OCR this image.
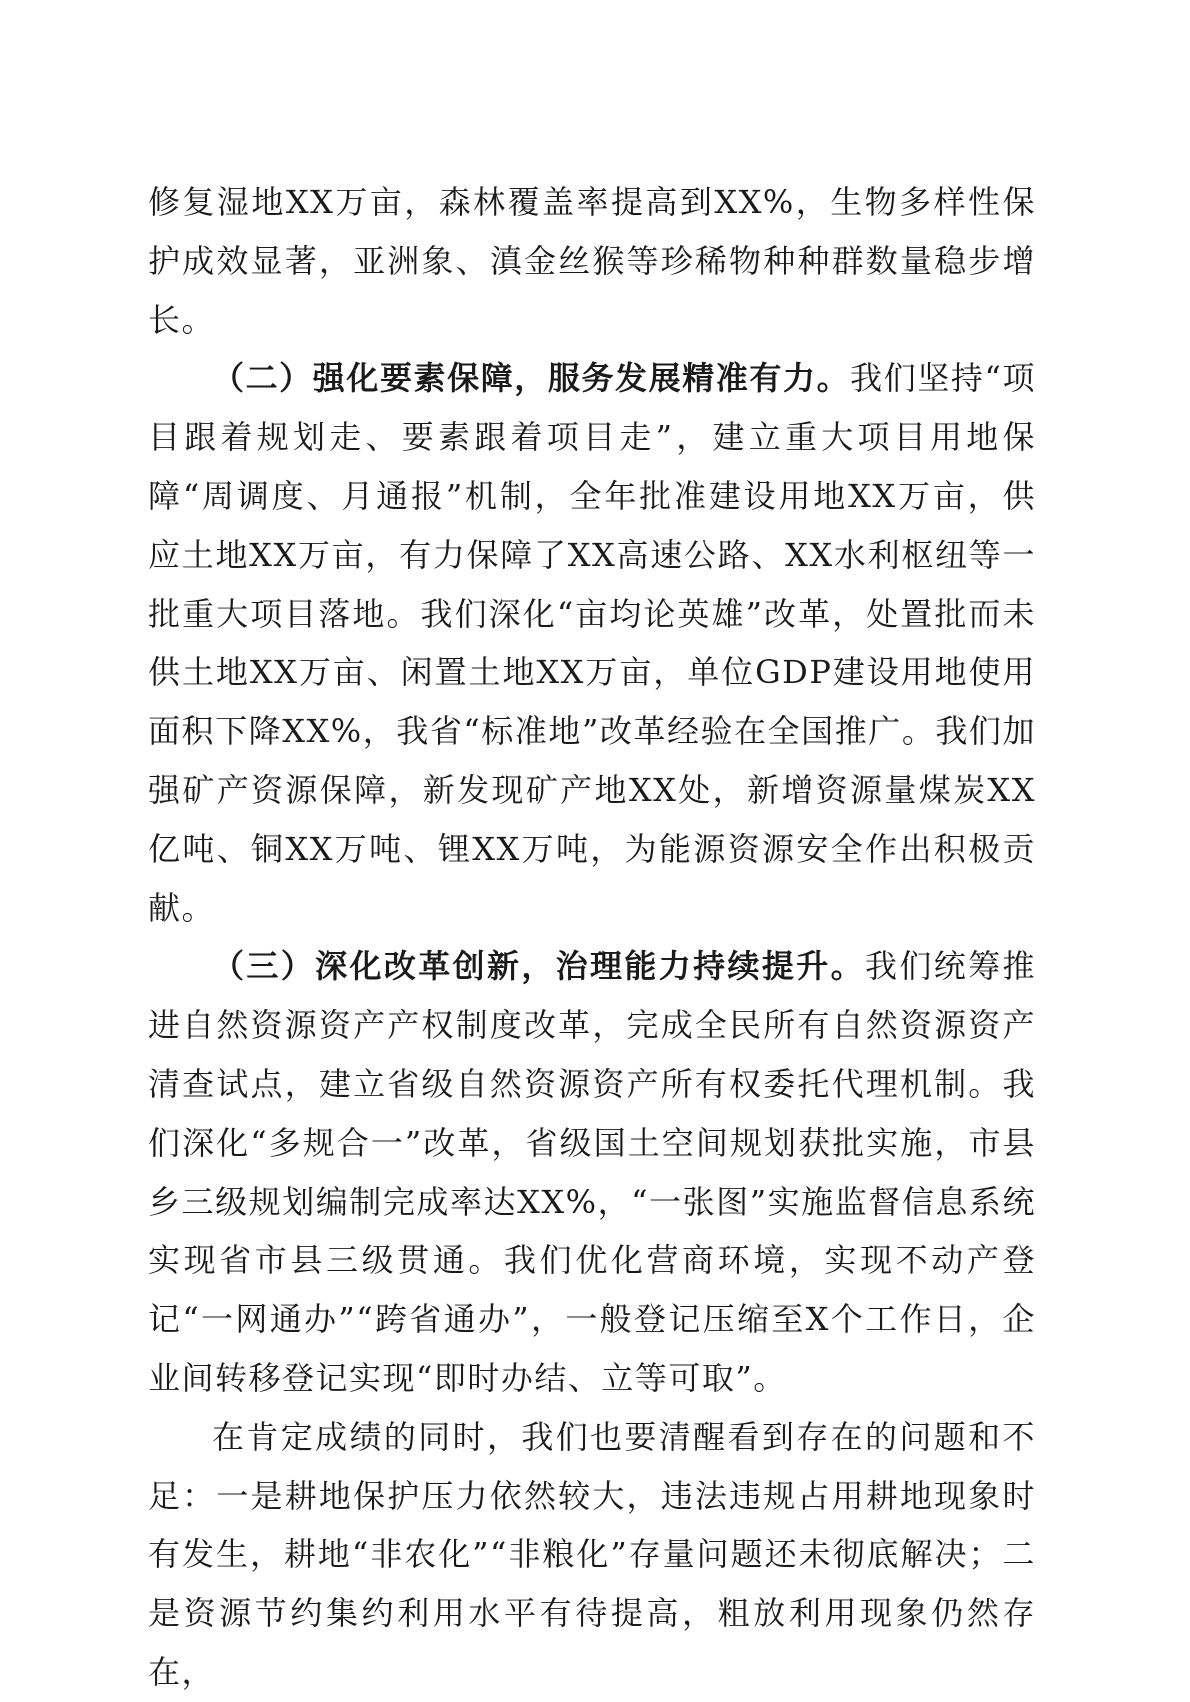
修复湿地XX万亩，森林覆盖率提高到XX%，生物多样性保护成效显著，亚洲象、滇金丝猴等珍稀物种种群数量稳步增长。

（二）强化要素保障，服务发展精准有力。我们坚持“项目跟着规划走、要素跟着项目走”，建立重大项目用地保障“周调度、月通报”机制，全年批准建设用地XX万亩，供应土地XX万亩，有力保障了XX高速公路、XX水利枢纽等一批重大项目落地。我们深化“亩均论英雄”改革，处置批而未供土地XX万亩、闲置土地XX万亩，单位GDP建设用地使用面积下降XX%，我省“标准地”改革经验在全国推广。我们加强矿产资源保障，新发现矿产地XX处，新增资源量煤炭XX亿吨、铜XX万吨、锂XX万吨，为能源资源安全作出积极贡献。

（三）深化改革创新，治理能力持续提升。我们统筹推进自然资源资产产权制度改革，完成全民所有自然资源资产清查试点，建立省级自然资源资产所有权委托代理机制。我们深化“多规合一”改革，省级国土空间规划获批实施，市县乡三级规划编制完成率达XX%，“一张图”实施监督信息系统实现省市县三级贯通。我们优化营商环境，实现不动产登记“一网通办”“跨省通办”，一般登记压缩至X个工作日，企业间转移登记实现“即时办结、立等可取”。

在肯定成绩的同时，我们也要清醒看到存在的问题和不足：一是耕地保护压力依然较大，违法违规占用耕地现象时有发生，耕地“非农化”“非粮化”存量问题还未彻底解决；二是资源节约集约利用水平有待提高，粗放利用现象仍然存在，
